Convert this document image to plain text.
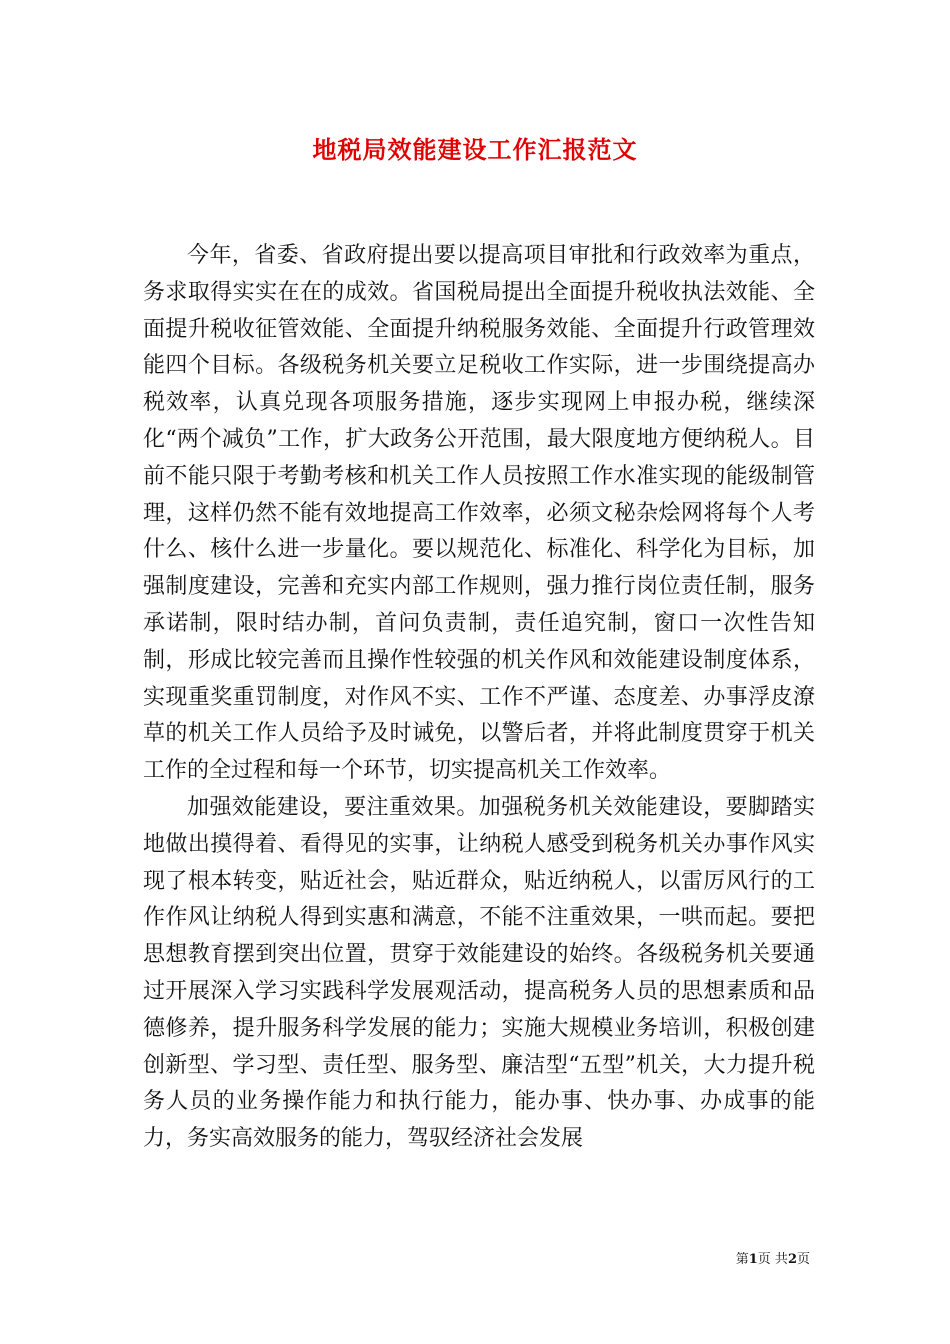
地税局效能建设工作汇报范文

今年，省委、省政府提出要以提高项目审批和行政效率为重点，务求取得实实在在的成效。省国税局提出全面提升税收执法效能、全面提升税收征管效能、全面提升纳税服务效能、全面提升行政管理效能四个目标。各级税务机关要立足税收工作实际，进一步围绕提高办税效率，认真兑现各项服务措施，逐步实现网上申报办税，继续深化“两个减负”工作，扩大政务公开范围，最大限度地方便纳税人。目前不能只限于考勤考核和机关工作人员按照工作水准实现的能级制管理，这样仍然不能有效地提高工作效率，必须文秘杂烩网将每个人考什么、核什么进一步量化。要以规范化、标准化、科学化为目标，加强制度建设，完善和充实内部工作规则，强力推行岗位责任制，服务承诺制，限时结办制，首问负责制，责任追究制，窗口一次性告知制，形成比较完善而且操作性较强的机关作风和效能建设制度体系，实现重奖重罚制度，对作风不实、工作不严谨、态度差、办事浮皮潦草的机关工作人员给予及时诫免，以警后者，并将此制度贯穿于机关工作的全过程和每一个环节，切实提高机关工作效率。

加强效能建设，要注重效果。加强税务机关效能建设，要脚踏实地做出摸得着、看得见的实事，让纳税人感受到税务机关办事作风实现了根本转变，贴近社会，贴近群众，贴近纳税人，以雷厉风行的工作作风让纳税人得到实惠和满意，不能不注重效果，一哄而起。要把思想教育摆到突出位置，贯穿于效能建设的始终。各级税务机关要通过开展深入学习实践科学发展观活动，提高税务人员的思想素质和品德修养，提升服务科学发展的能力；实施大规模业务培训，积极创建创新型、学习型、责任型、服务型、廉洁型“五型”机关，大力提升税务人员的业务操作能力和执行能力，能办事、快办事、办成事的能力，务实高效服务的能力，驾驭经济社会发展

第1页 共2页
